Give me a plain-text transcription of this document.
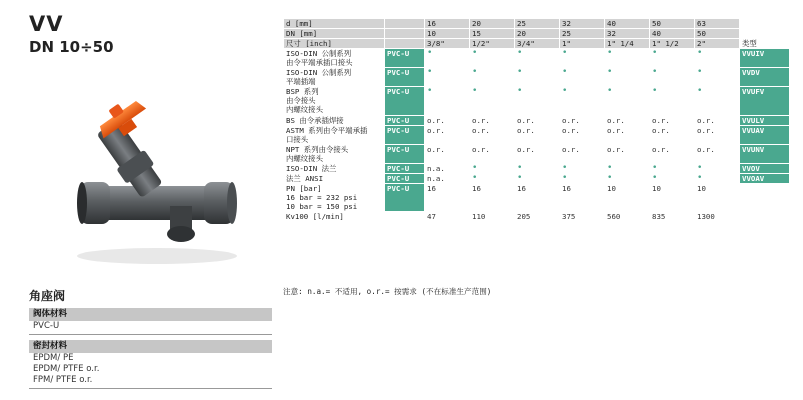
VV
DN 10÷50
角座阀
阀体材料
PVC-U
密封材料
EPDM/ PE
EPDM/ PTFE o.r.
FPM/ PTFE o.r.
d [mm]		16	20	25	32	40	50	63	
DN [mm]		10	15	20	25	32	40	50	
尺寸 [inch]		3/8"	1/2"	3/4"	1"	1" 1/4	1" 1/2	2"	类型

ISO-DIN 公制系列
由令平端承插口接头	PVC-U	•	•	•	•	•	•	•	VVUIV

ISO-DIN 公制系列
平端插端	PVC-U	•	•	•	•	•	•	•	VVDV

BSP 系列
由令接头
内螺纹接头	PVC-U	•	•	•	•	•	•	•	VVUFV

BS 由令承插焊接	PVC-U	o.r.	o.r.	o.r.	o.r.	o.r.	o.r.	o.r.	VVULV

ASTM 系列由令平端承插
口接头	PVC-U	o.r.	o.r.	o.r.	o.r.	o.r.	o.r.	o.r.	VVUAV

NPT 系列由令接头
内螺纹接头	PVC-U	o.r.	o.r.	o.r.	o.r.	o.r.	o.r.	o.r.	VVUNV

ISO-DIN 法兰	PVC-U	n.a.	•	•	•	•	•	•	VVOV

法兰 ANSI	PVC-U	n.a.	•	•	•	•	•	•	VVOAV

PN [bar]
16 bar = 232 psi
10 bar = 150 psi	PVC-U	16	16	16	16	10	10	10	

Kv100 [l/min]		47	110	205	375	560	835	1300	
注意: n.a.= 不适用, o.r.= 按需求 (不在标准生产范围)
